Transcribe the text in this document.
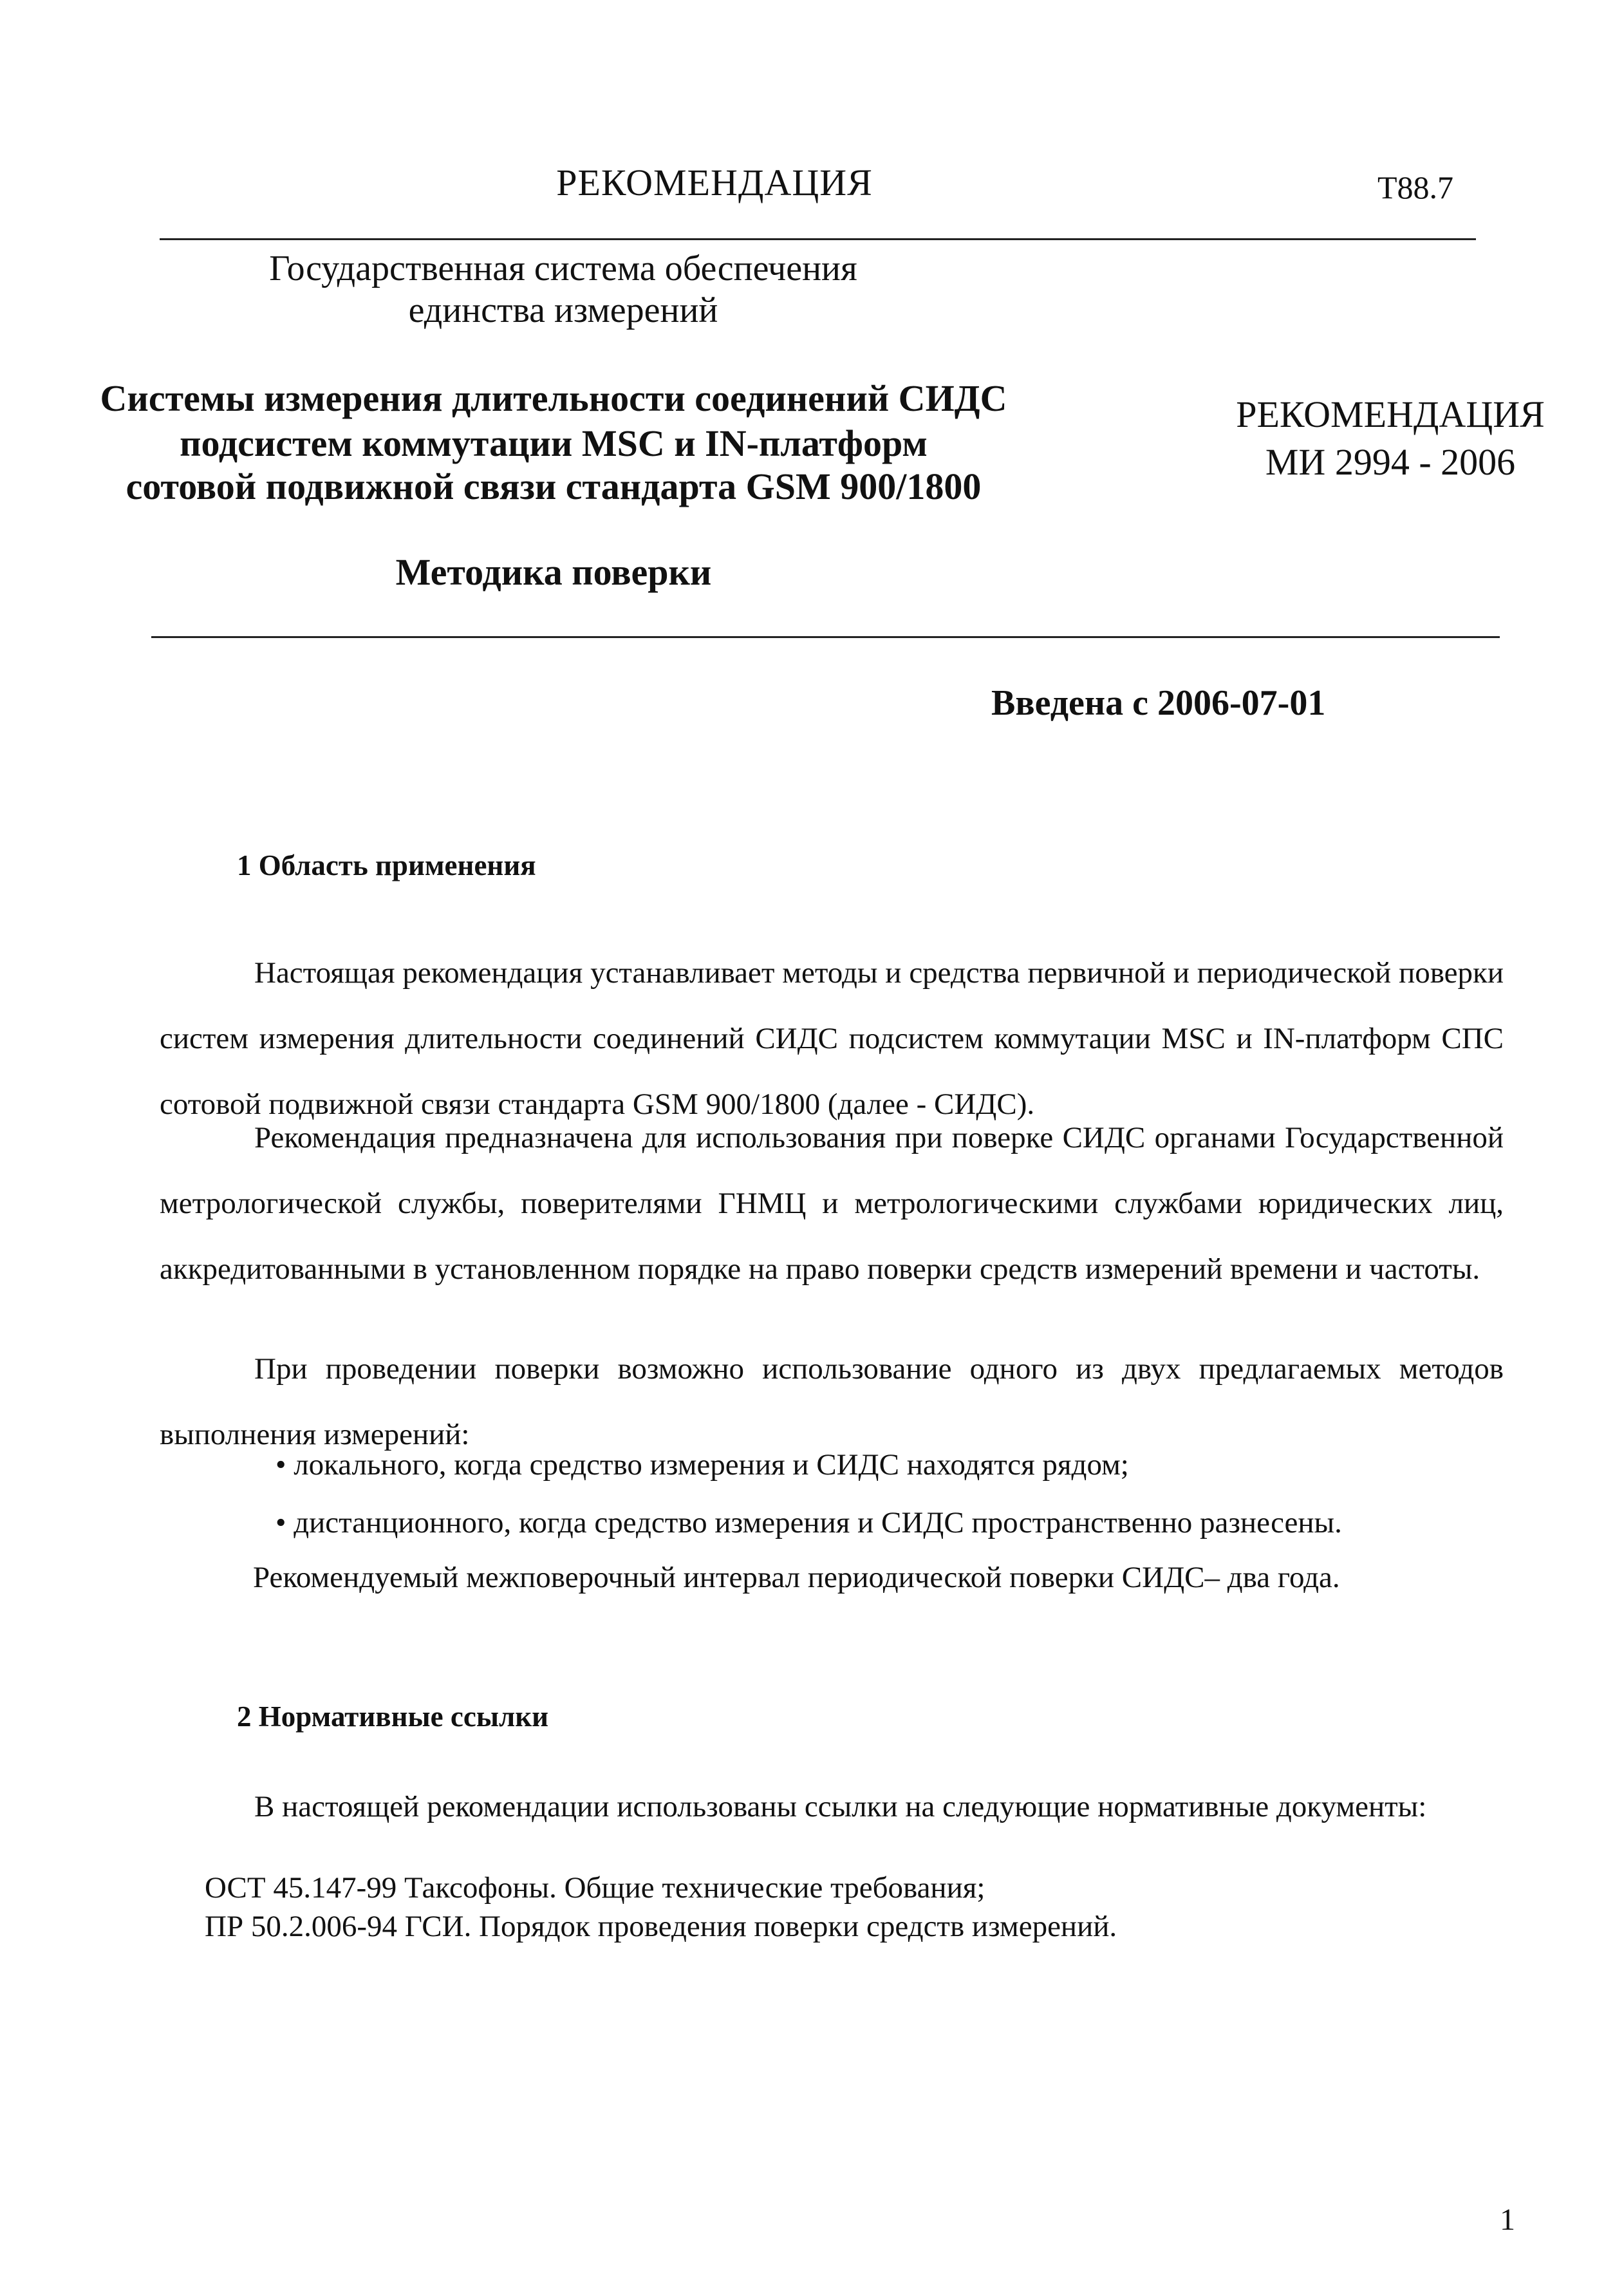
РЕКОМЕНДАЦИЯ	Т88.7
Государственная система обеспечения
единства измерений
Системы измерения длительности соединений СИДС
подсистем коммутации MSC и IN-платформ
сотовой подвижной связи стандарта GSM 900/1800
РЕКОМЕНДАЦИЯ
МИ 2994 - 2006
Методика поверки
Введена с 2006-07-01
1 Область применения

Настоящая рекомендация устанавливает методы и средства первичной и периодической поверки систем измерения длительности соединений СИДС подсистем коммутации MSC и IN-платформ СПС сотовой подвижной связи стандарта GSM 900/1800 (далее - СИДС).

Рекомендация предназначена для использования при поверке СИДС органами Государственной метрологической службы, поверителями ГНМЦ и метрологическими службами юридических лиц, аккредитованными в установленном порядке на право поверки средств измерений времени и частоты.

При проведении поверки возможно использование одного из двух предлагаемых методов выполнения измерений:

• локального, когда средство измерения и СИДС находятся рядом;
• дистанционного, когда средство измерения и СИДС пространственно разнесены.
Рекомендуемый межповерочный интервал периодической поверки СИДС– два года.
2 Нормативные ссылки

В настоящей рекомендации использованы ссылки на следующие нормативные документы:

ОСТ 45.147-99 Таксофоны. Общие технические требования;
ПР 50.2.006-94 ГСИ. Порядок проведения поверки средств измерений.
1
